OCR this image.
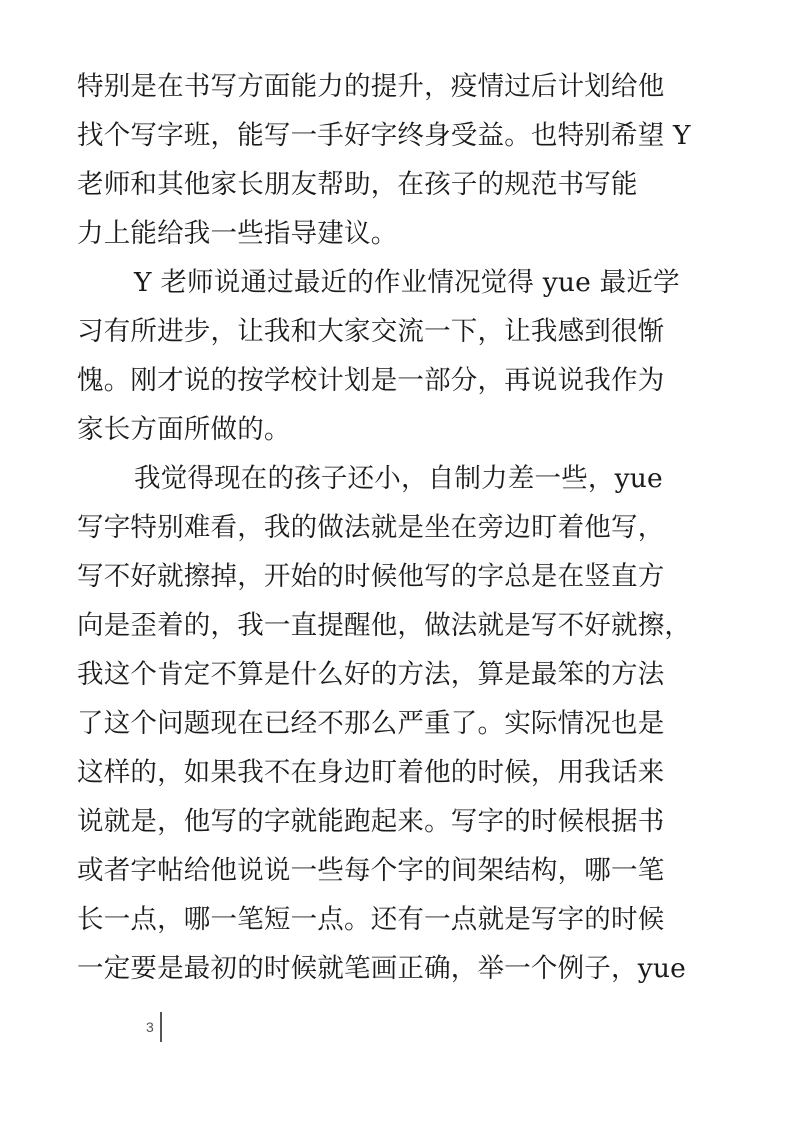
特别是在书写方面能力的提升，疫情过后计划给他
找个写字班，能写一手好字终身受益。也特别希望 Y
老师和其他家长朋友帮助，在孩子的规范书写能
力上能给我一些指导建议。
Y 老师说通过最近的作业情况觉得 yue 最近学
习有所进步，让我和大家交流一下，让我感到很惭
愧。刚才说的按学校计划是一部分，再说说我作为
家长方面所做的。
我觉得现在的孩子还小，自制力差一些，yue
写字特别难看，我的做法就是坐在旁边盯着他写，
写不好就擦掉，开始的时候他写的字总是在竖直方
向是歪着的，我一直提醒他，做法就是写不好就擦，
我这个肯定不算是什么好的方法，算是最笨的方法
了这个问题现在已经不那么严重了。实际情况也是
这样的，如果我不在身边盯着他的时候，用我话来
说就是，他写的字就能跑起来。写字的时候根据书
或者字帖给他说说一些每个字的间架结构，哪一笔
长一点，哪一笔短一点。还有一点就是写字的时候
一定要是最初的时候就笔画正确，举一个例子，yue
3
